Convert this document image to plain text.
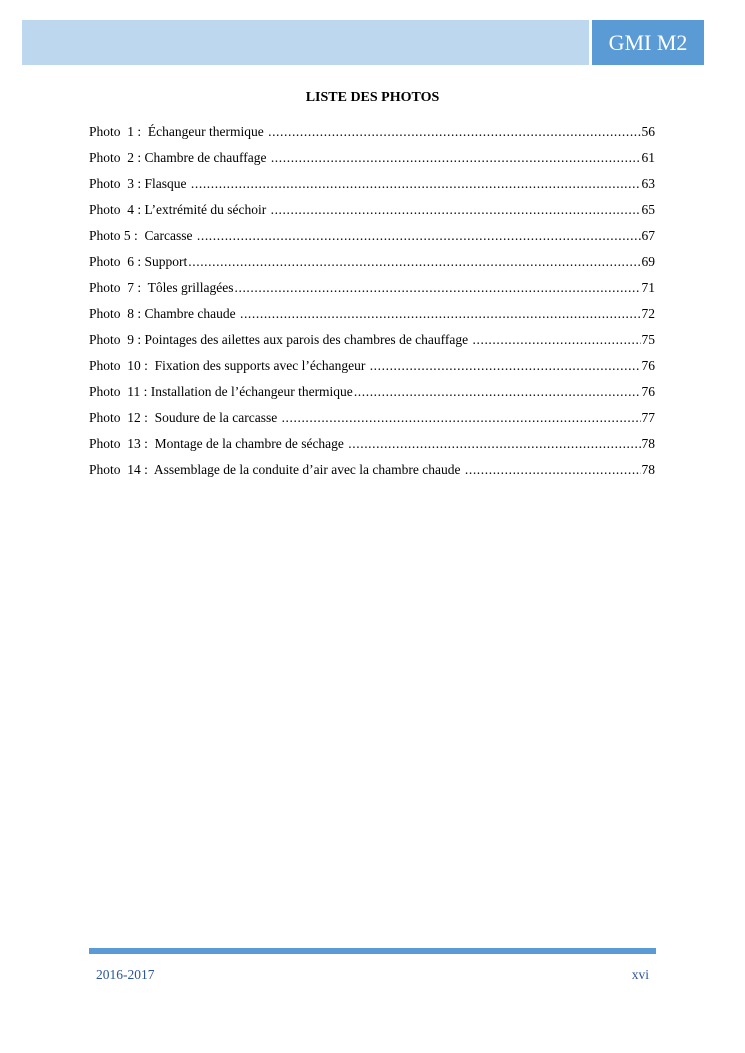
GMI M2
LISTE DES PHOTOS
Photo  1 :  Échangeur thermique .....	56
Photo  2 : Chambre de chauffage .....	61
Photo  3 : Flasque .....	63
Photo  4 : L’extrémité du séchoir .....	65
Photo 5 :  Carcasse .....	67
Photo  6 : Support .....	69
Photo  7 :  Tôles grillagées .....	71
Photo  8 : Chambre chaude .....	72
Photo  9 : Pointages des ailettes aux parois des chambres de chauffage .....	75
Photo  10 :  Fixation des supports avec l’échangeur .....	76
Photo  11 : Installation de l’échangeur thermique .....	76
Photo  12 :  Soudure de la carcasse .....	77
Photo  13 :  Montage de la chambre de séchage .....	78
Photo  14 :  Assemblage de la conduite d’air avec la chambre chaude .....	78
2016-2017	xvi
